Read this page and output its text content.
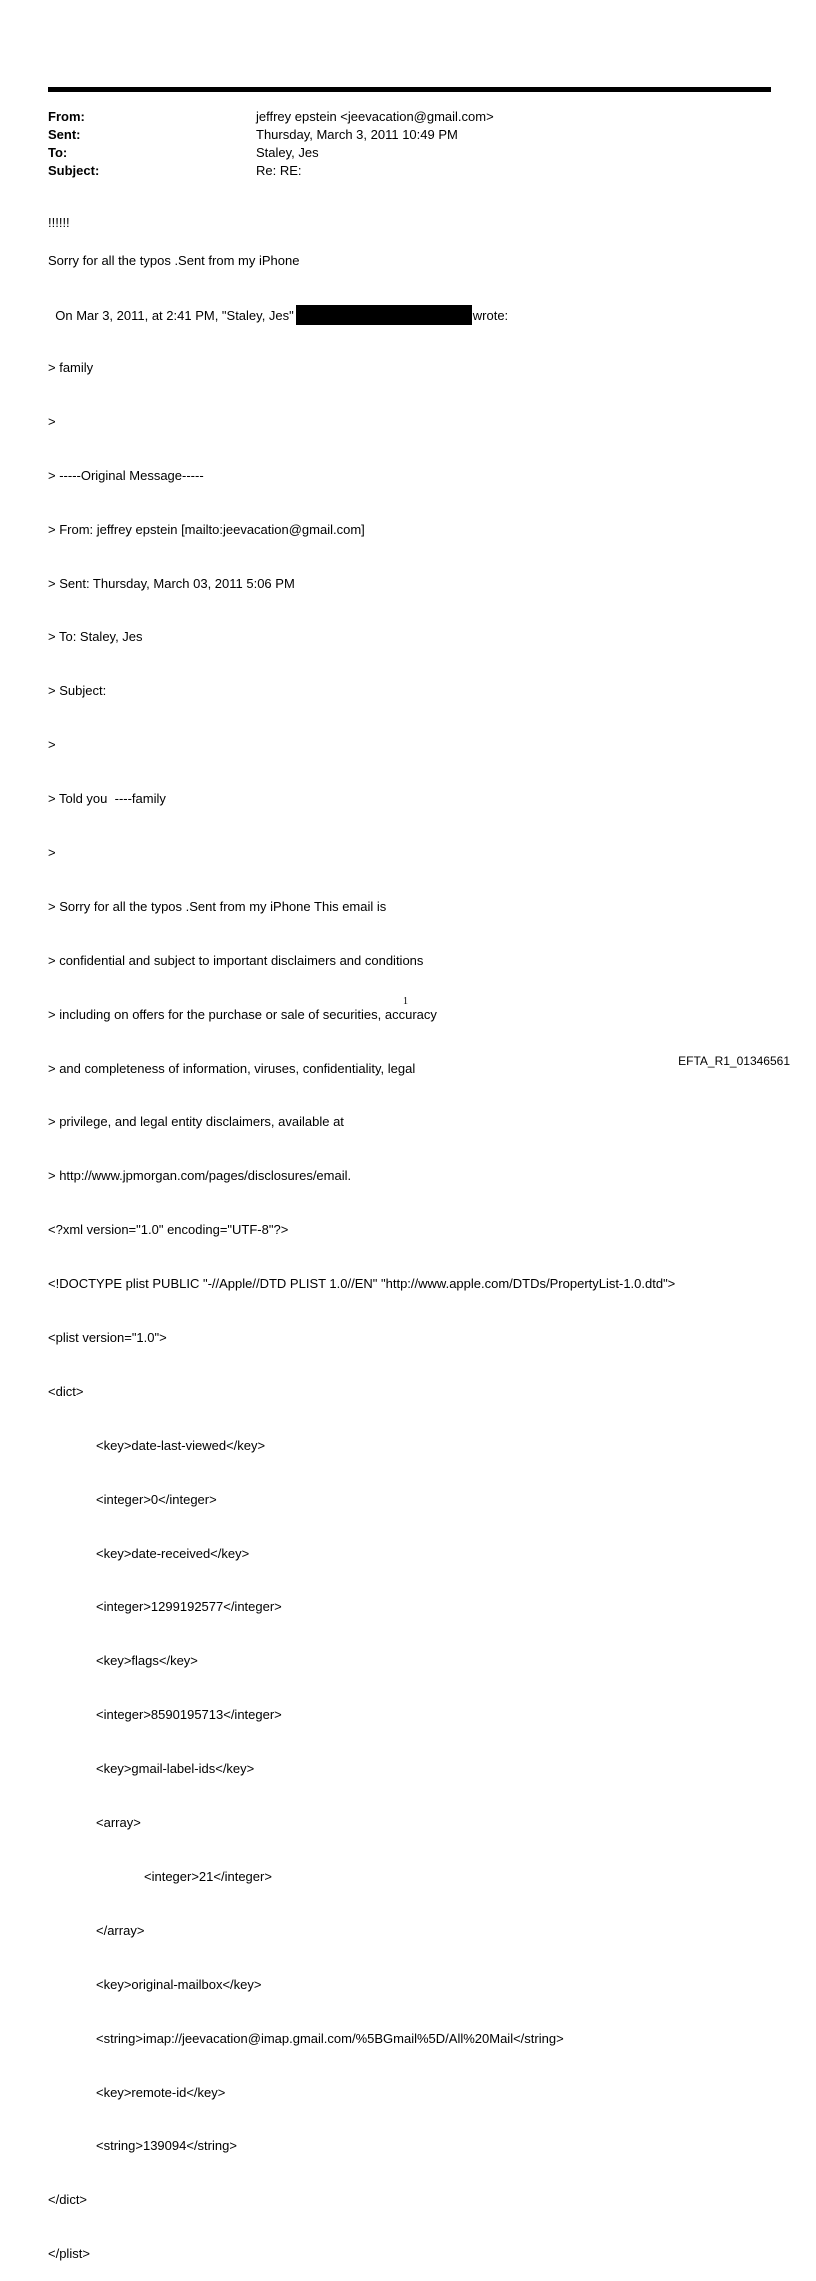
From:	jeffrey epstein <jeevacation@gmail.com>
Sent:	Thursday, March 3, 2011 10:49 PM
To:	Staley, Jes
Subject:	Re: RE:
!!!!!!
Sorry for all the typos .Sent from my iPhone

On Mar 3, 2011, at 2:41 PM, "Staley, Jes"	wrote:

> family

>

> -----Original Message-----

> From: jeffrey epstein [mailto:jeevacation@gmail.com]

> Sent: Thursday, March 03, 2011 5:06 PM

> To: Staley, Jes

> Subject:

>

> Told you  ----family

>

> Sorry for all the typos .Sent from my iPhone This email is

> confidential and subject to important disclaimers and conditions

> including on offers for the purchase or sale of securities, accuracy

> and completeness of information, viruses, confidentiality, legal

> privilege, and legal entity disclaimers, available at

> http://www.jpmorgan.com/pages/disclosures/email.

<?xml version="1.0" encoding="UTF-8"?>

<!DOCTYPE plist PUBLIC "-//Apple//DTD PLIST 1.0//EN" "http://www.apple.com/DTDs/PropertyList-1.0.dtd">

<plist version="1.0">

<dict>

<key>date-last-viewed</key>

<integer>0</integer>

<key>date-received</key>

<integer>1299192577</integer>

<key>flags</key>

<integer>8590195713</integer>

<key>gmail-label-ids</key>

<array>

<integer>21</integer>

</array>

<key>original-mailbox</key>

<string>imap://jeevacation@imap.gmail.com/%5BGmail%5D/All%20Mail</string>

<key>remote-id</key>

<string>139094</string>

</dict>

</plist>

1
EFTA_R1_01346561
